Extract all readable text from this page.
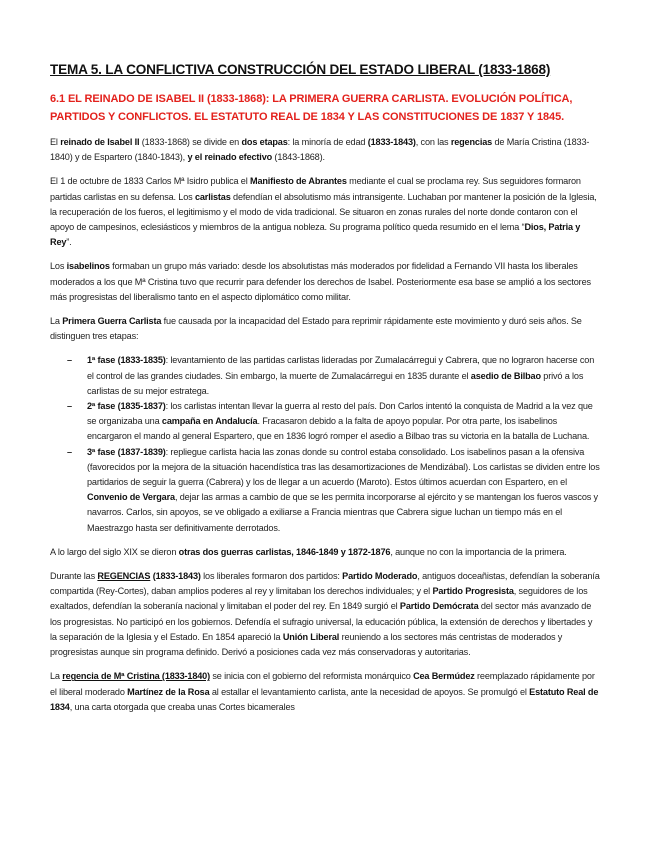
TEMA 5. LA CONFLICTIVA CONSTRUCCIÓN DEL ESTADO LIBERAL (1833-1868)
6.1 EL REINADO DE ISABEL II (1833-1868): LA PRIMERA GUERRA CARLISTA. EVOLUCIÓN POLÍTICA, PARTIDOS Y CONFLICTOS. EL ESTATUTO REAL DE 1834 Y LAS CONSTITUCIONES DE 1837 Y 1845.

El reinado de Isabel II (1833-1868) se divide en dos etapas: la minoría de edad (1833-1843), con las regencias de María Cristina (1833-1840) y de Espartero (1840-1843), y el reinado efectivo (1843-1868).

El 1 de octubre de 1833 Carlos Mª Isidro publica el Manifiesto de Abrantes mediante el cual se proclama rey. Sus seguidores formaron partidas carlistas en su defensa. Los carlistas defendían el absolutismo más intransigente. Luchaban por mantener la posición de la Iglesia, la recuperación de los fueros, el legitimismo y el modo de vida tradicional. Se situaron en zonas rurales del norte donde contaron con el apoyo de campesinos, eclesiásticos y miembros de la antigua nobleza. Su programa político queda resumido en el lema “Dios, Patria y Rey”.

Los isabelinos formaban un grupo más variado: desde los absolutistas más moderados por fidelidad a Fernando VII hasta los liberales moderados a los que Mª Cristina tuvo que recurrir para defender los derechos de Isabel. Posteriormente esa base se amplió a los sectores más progresistas del liberalismo tanto en el aspecto diplomático como militar.

La Primera Guerra Carlista fue causada por la incapacidad del Estado para reprimir rápidamente este movimiento y duró seis años. Se distinguen tres etapas:

– 1ª fase (1833-1835): levantamiento de las partidas carlistas lideradas por Zumalacárregui y Cabrera, que no lograron hacerse con el control de las grandes ciudades. Sin embargo, la muerte de Zumalacárregui en 1835 durante el asedio de Bilbao privó a los carlistas de su mejor estratega.

– 2ª fase (1835-1837): los carlistas intentan llevar la guerra al resto del país. Don Carlos intentó la conquista de Madrid a la vez que se organizaba una campaña en Andalucía. Fracasaron debido a la falta de apoyo popular. Por otra parte, los isabelinos encargaron el mando al general Espartero, que en 1836 logró romper el asedio a Bilbao tras su victoria en la batalla de Luchana.

– 3ª fase (1837-1839): repliegue carlista hacia las zonas donde su control estaba consolidado. Los isabelinos pasan a la ofensiva (favorecidos por la mejora de la situación hacendística tras las desamortizaciones de Mendizábal). Los carlistas se dividen entre los partidarios de seguir la guerra (Cabrera) y los de llegar a un acuerdo (Maroto). Estos últimos acuerdan con Espartero, en el Convenio de Vergara, dejar las armas a cambio de que se les permita incorporarse al ejército y se mantengan los fueros vascos y navarros. Carlos, sin apoyos, se ve obligado a exiliarse a Francia mientras que Cabrera sigue luchan un tiempo más en el Maestrazgo hasta ser definitivamente derrotados.

A lo largo del siglo XIX se dieron otras dos guerras carlistas, 1846-1849 y 1872-1876, aunque no con la importancia de la primera.

Durante las REGENCIAS (1833-1843) los liberales formaron dos partidos: Partido Moderado, antiguos doceañistas, defendían la soberanía compartida (Rey-Cortes), daban amplios poderes al rey y limitaban los derechos individuales; y el Partido Progresista, seguidores de los exaltados, defendían la soberanía nacional y limitaban el poder del rey. En 1849 surgió el Partido Demócrata del sector más avanzado de los progresistas. No participó en los gobiernos. Defendía el sufragio universal, la educación pública, la extensión de derechos y libertades y la separación de la Iglesia y el Estado. En 1854 apareció la Unión Liberal reuniendo a los sectores más centristas de moderados y progresistas aunque sin programa definido. Derivó a posiciones cada vez más conservadoras y autoritarias.

La regencia de Mª Cristina (1833-1840) se inicia con el gobierno del reformista monárquico Cea Bermúdez reemplazado rápidamente por el liberal moderado Martínez de la Rosa al estallar el levantamiento carlista, ante la necesidad de apoyos. Se promulgó el Estatuto Real de 1834, una carta otorgada que creaba unas Cortes bicamerales
